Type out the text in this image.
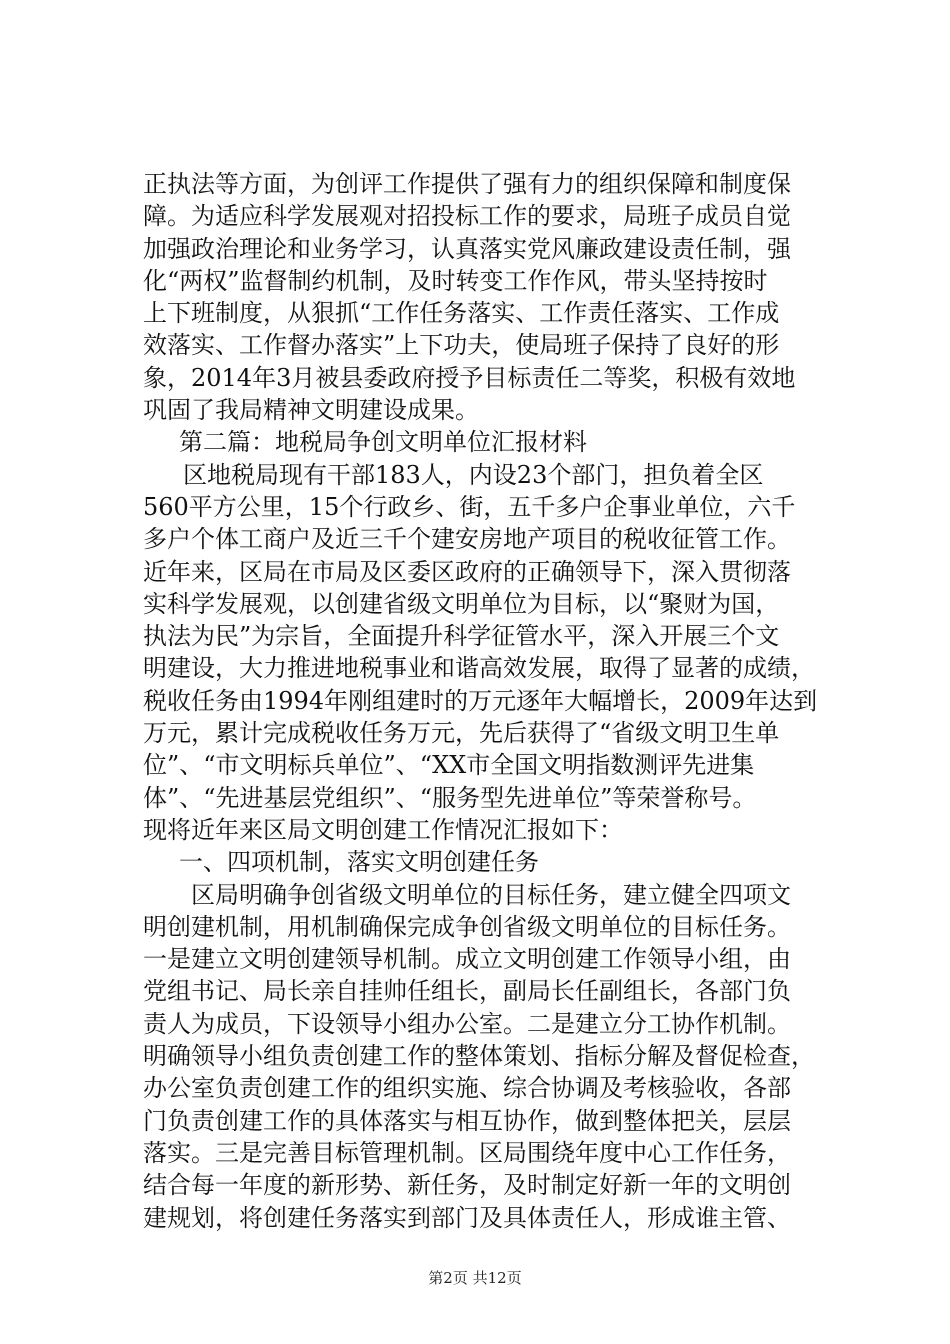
正执法等方面，为创评工作提供了强有力的组织保障和制度保
障。为适应科学发展观对招投标工作的要求，局班子成员自觉
加强政治理论和业务学习，认真落实党风廉政建设责任制，强
化“两权”监督制约机制，及时转变工作作风，带头坚持按时
上下班制度，从狠抓“工作任务落实、工作责任落实、工作成
效落实、工作督办落实”上下功夫，使局班子保持了良好的形
象，2014年3月被县委政府授予目标责任二等奖，积极有效地
巩固了我局精神文明建设成果。
第二篇：地税局争创文明单位汇报材料
区地税局现有干部183人，内设23个部门，担负着全区
560平方公里，15个行政乡、街，五千多户企事业单位，六千
多户个体工商户及近三千个建安房地产项目的税收征管工作。
近年来，区局在市局及区委区政府的正确领导下，深入贯彻落
实科学发展观，以创建省级文明单位为目标，以“聚财为国，
执法为民”为宗旨，全面提升科学征管水平，深入开展三个文
明建设，大力推进地税事业和谐高效发展，取得了显著的成绩，
税收任务由1994年刚组建时的万元逐年大幅增长，2009年达到
万元，累计完成税收任务万元，先后获得了“省级文明卫生单
位”、“市文明标兵单位”、“XX市全国文明指数测评先进集
体”、“先进基层党组织”、“服务型先进单位”等荣誉称号。
现将近年来区局文明创建工作情况汇报如下：
一、四项机制，落实文明创建任务
区局明确争创省级文明单位的目标任务，建立健全四项文
明创建机制，用机制确保完成争创省级文明单位的目标任务。
一是建立文明创建领导机制。成立文明创建工作领导小组，由
党组书记、局长亲自挂帅任组长，副局长任副组长，各部门负
责人为成员，下设领导小组办公室。二是建立分工协作机制。
明确领导小组负责创建工作的整体策划、指标分解及督促检查，
办公室负责创建工作的组织实施、综合协调及考核验收，各部
门负责创建工作的具体落实与相互协作，做到整体把关，层层
落实。三是完善目标管理机制。区局围绕年度中心工作任务，
结合每一年度的新形势、新任务，及时制定好新一年的文明创
建规划，将创建任务落实到部门及具体责任人，形成谁主管、
第2页 共12页
